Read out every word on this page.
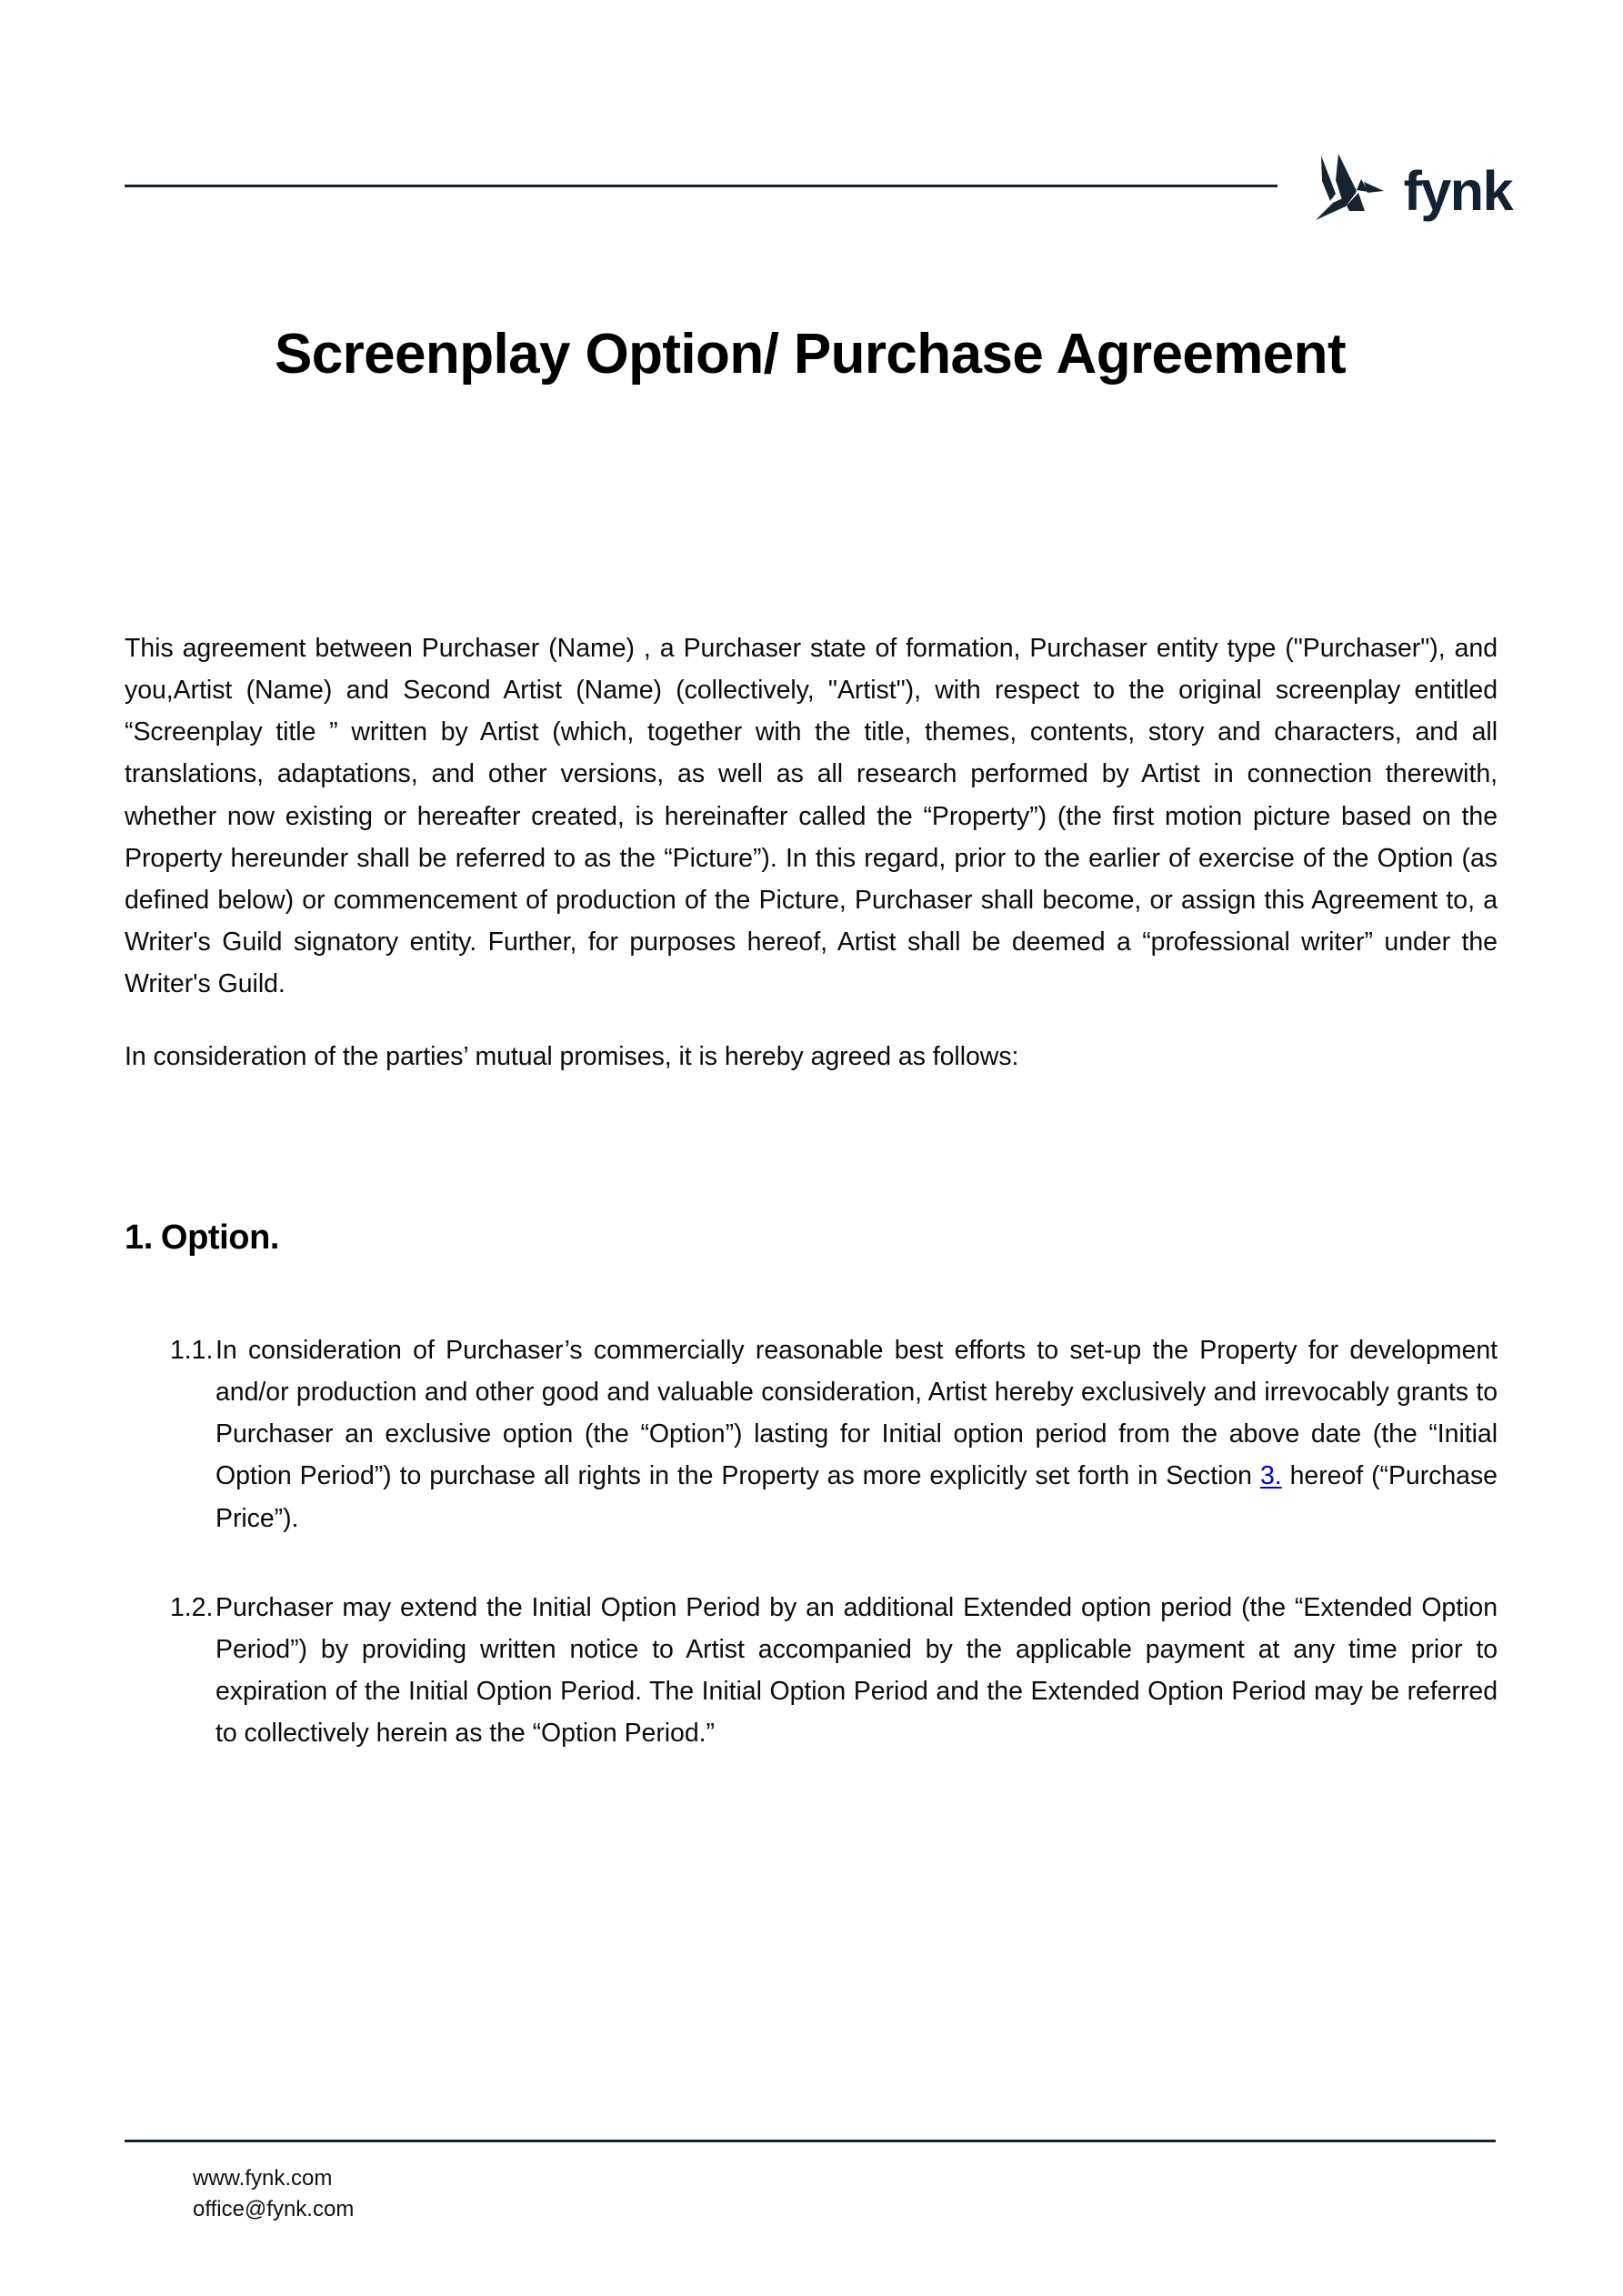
fynk
Screenplay Option/ Purchase Agreement

This agreement between Purchaser (Name) , a Purchaser state of formation, Purchaser entity type ("Purchaser"), and you,Artist (Name) and Second Artist (Name) (collectively, "Artist"), with respect to the original screenplay entitled “Screenplay title ” written by Artist (which, together with the title, themes, contents, story and characters, and all translations, adaptations, and other versions, as well as all research performed by Artist in connection therewith, whether now existing or hereafter created, is hereinafter called the “Property”) (the first motion picture based on the Property hereunder shall be referred to as the “Picture”). In this regard, prior to the earlier of exercise of the Option (as defined below) or commencement of production of the Picture, Purchaser shall become, or assign this Agreement to, a Writer's Guild signatory entity. Further, for purposes hereof, Artist shall be deemed a “professional writer” under the Writer's Guild.

In consideration of the parties’ mutual promises, it is hereby agreed as follows:

1. Option.
1.1. In consideration of Purchaser’s commercially reasonable best efforts to set-up the Property for development and/or production and other good and valuable consideration, Artist hereby exclusively and irrevocably grants to Purchaser an exclusive option (the “Option”) lasting for Initial option period from the above date (the “Initial Option Period”) to purchase all rights in the Property as more explicitly set forth in Section 3. hereof (“Purchase Price”).
1.2. Purchaser may extend the Initial Option Period by an additional Extended option period (the “Extended Option Period”) by providing written notice to Artist accompanied by the applicable payment at any time prior to expiration of the Initial Option Period. The Initial Option Period and the Extended Option Period may be referred to collectively herein as the “Option Period.”
www.fynk.com
office@fynk.com
